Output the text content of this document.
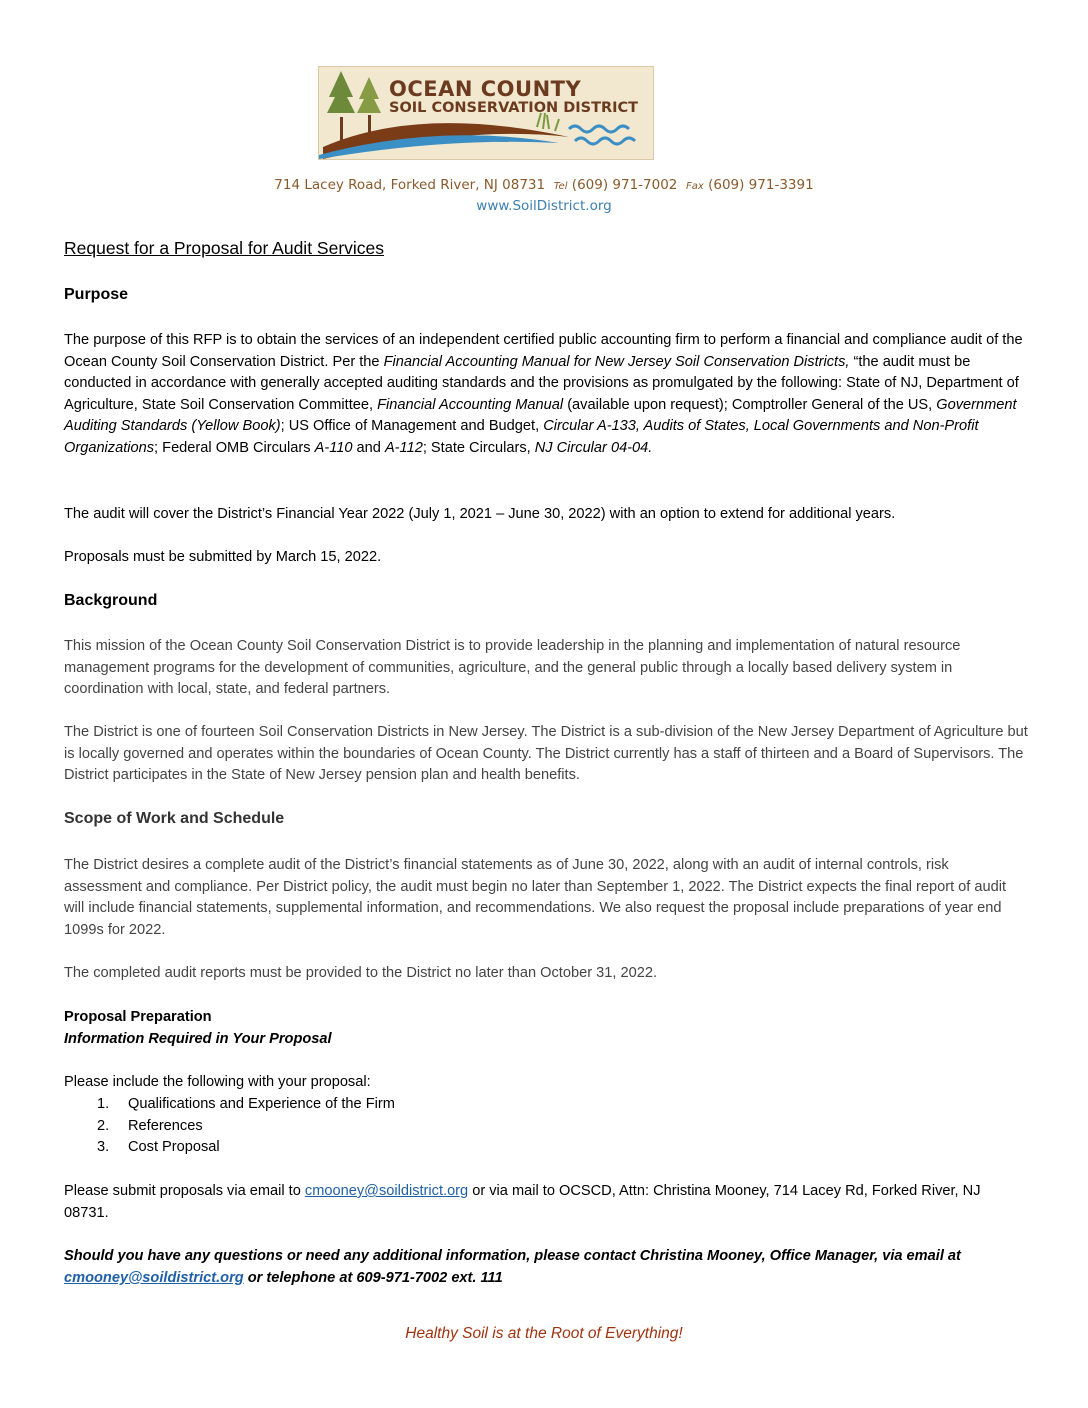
OCEAN COUNTY
SOIL CONSERVATION DISTRICT
714 Lacey Road, Forked River, NJ 08731 Tel (609) 971-7002 Fax (609) 971-3391
www.SoilDistrict.org
Request for a Proposal for Audit Services
Purpose
The purpose of this RFP is to obtain the services of an independent certified public accounting firm to perform a financial and compliance audit of the Ocean County Soil Conservation District. Per the Financial Accounting Manual for New Jersey Soil Conservation Districts, “the audit must be conducted in accordance with generally accepted auditing standards and the provisions as promulgated by the following: State of NJ, Department of Agriculture, State Soil Conservation Committee, Financial Accounting Manual (available upon request); Comptroller General of the US, Government Auditing Standards (Yellow Book); US Office of Management and Budget, Circular A-133, Audits of States, Local Governments and Non-Profit Organizations; Federal OMB Circulars A-110 and A-112; State Circulars, NJ Circular 04-04.
The audit will cover the District’s Financial Year 2022 (July 1, 2021 – June 30, 2022) with an option to extend for additional years.
Proposals must be submitted by March 15, 2022.
Background
This mission of the Ocean County Soil Conservation District is to provide leadership in the planning and implementation of natural resource management programs for the development of communities, agriculture, and the general public through a locally based delivery system in coordination with local, state, and federal partners.
The District is one of fourteen Soil Conservation Districts in New Jersey. The District is a sub-division of the New Jersey Department of Agriculture but is locally governed and operates within the boundaries of Ocean County. The District currently has a staff of thirteen and a Board of Supervisors. The District participates in the State of New Jersey pension plan and health benefits.
Scope of Work and Schedule
The District desires a complete audit of the District’s financial statements as of June 30, 2022, along with an audit of internal controls, risk assessment and compliance. Per District policy, the audit must begin no later than September 1, 2022. The District expects the final report of audit will include financial statements, supplemental information, and recommendations. We also request the proposal include preparations of year end 1099s for 2022.
The completed audit reports must be provided to the District no later than October 31, 2022.
Proposal Preparation
Information Required in Your Proposal
Please include the following with your proposal:
1. Qualifications and Experience of the Firm
2. References
3. Cost Proposal
Please submit proposals via email to cmooney@soildistrict.org or via mail to OCSCD, Attn: Christina Mooney, 714 Lacey Rd, Forked River, NJ 08731.
Should you have any questions or need any additional information, please contact Christina Mooney, Office Manager, via email at cmooney@soildistrict.org or telephone at 609-971-7002 ext. 111
Healthy Soil is at the Root of Everything!
